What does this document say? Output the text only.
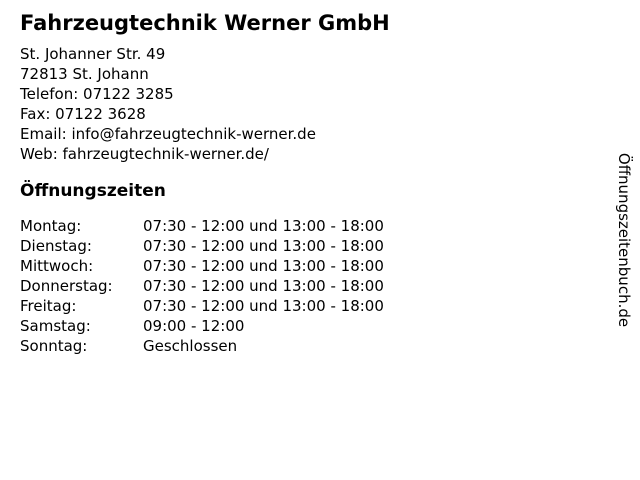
Fahrzeugtechnik Werner GmbH
St. Johanner Str. 49
72813 St. Johann
Telefon: 07122 3285
Fax: 07122 3628
Email: info@fahrzeugtechnik-werner.de
Web: fahrzeugtechnik-werner.de/
Öffnungszeiten
Montag:	07:30 - 12:00 und 13:00 - 18:00
Dienstag:	07:30 - 12:00 und 13:00 - 18:00
Mittwoch:	07:30 - 12:00 und 13:00 - 18:00
Donnerstag: 07:30 - 12:00 und 13:00 - 18:00
Freitag:	07:30 - 12:00 und 13:00 - 18:00
Samstag:	09:00 - 12:00
Sonntag:	Geschlossen
Öffnungszeitenbuch.de
